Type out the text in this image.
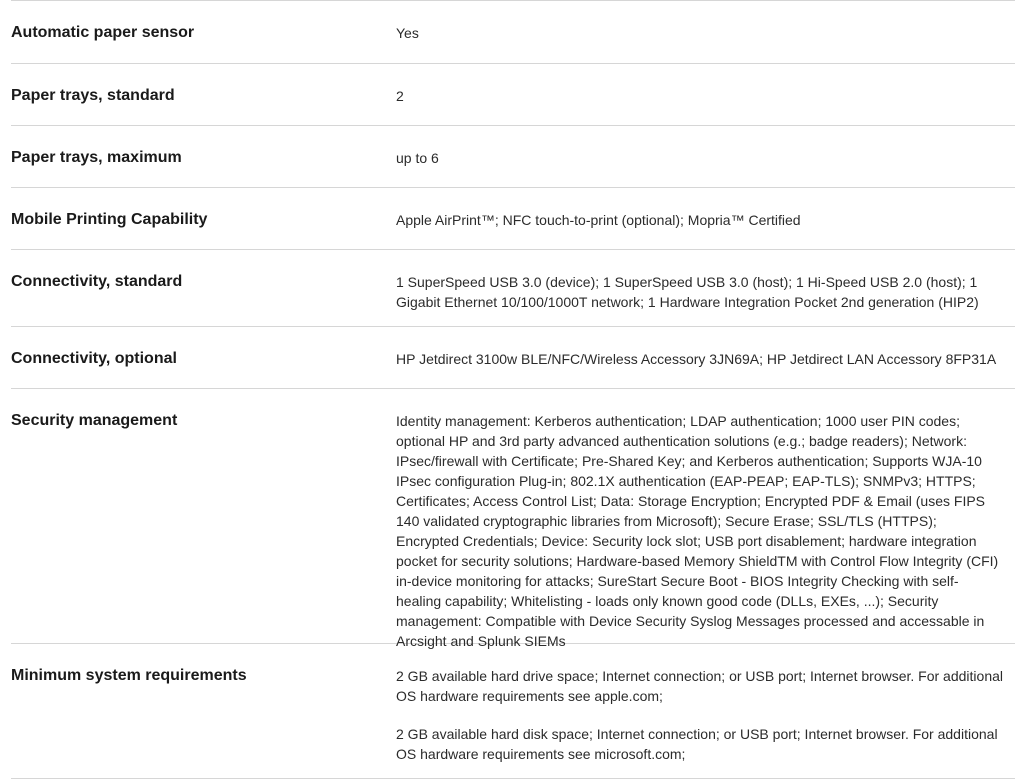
Automatic paper sensor	Yes
Paper trays, standard	2
Paper trays, maximum	up to 6
Mobile Printing Capability	Apple AirPrint™; NFC touch-to-print (optional); Mopria™ Certified
Connectivity, standard	1 SuperSpeed USB 3.0 (device); 1 SuperSpeed USB 3.0 (host); 1 Hi-Speed USB 2.0 (host); 1 Gigabit Ethernet 10/100/1000T network; 1 Hardware Integration Pocket 2nd generation (HIP2)
Connectivity, optional	HP Jetdirect 3100w BLE/NFC/Wireless Accessory 3JN69A; HP Jetdirect LAN Accessory 8FP31A
Security management	Identity management: Kerberos authentication; LDAP authentication; 1000 user PIN codes; optional HP and 3rd party advanced authentication solutions (e.g.; badge readers); Network: IPsec/firewall with Certificate; Pre-Shared Key; and Kerberos authentication; Supports WJA-10 IPsec configuration Plug-in; 802.1X authentication (EAP-PEAP; EAP-TLS); SNMPv3; HTTPS; Certificates; Access Control List; Data: Storage Encryption; Encrypted PDF & Email (uses FIPS 140 validated cryptographic libraries from Microsoft); Secure Erase; SSL/TLS (HTTPS); Encrypted Credentials; Device: Security lock slot; USB port disablement; hardware integration pocket for security solutions; Hardware-based Memory ShieldTM with Control Flow Integrity (CFI) in-device monitoring for attacks; SureStart Secure Boot - BIOS Integrity Checking with self-healing capability; Whitelisting - loads only known good code (DLLs, EXEs, ...); Security management: Compatible with Device Security Syslog Messages processed and accessable in Arcsight and Splunk SIEMs
Minimum system requirements	2 GB available hard drive space; Internet connection; or USB port; Internet browser. For additional OS hardware requirements see apple.com;

2 GB available hard disk space; Internet connection; or USB port; Internet browser. For additional OS hardware requirements see microsoft.com;
